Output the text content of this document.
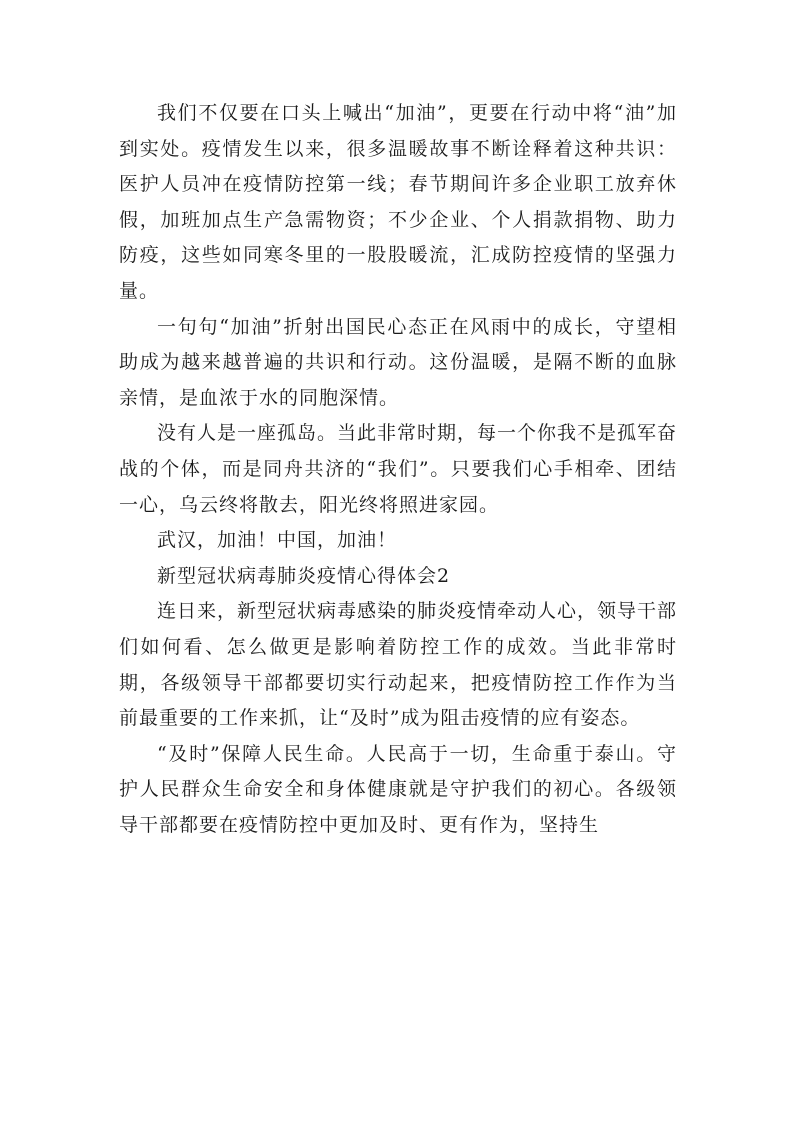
我们不仅要在口头上喊出“加油”，更要在行动中将“油”加到实处。疫情发生以来，很多温暖故事不断诠释着这种共识：医护人员冲在疫情防控第一线；春节期间许多企业职工放弃休假，加班加点生产急需物资；不少企业、个人捐款捐物、助力防疫，这些如同寒冬里的一股股暖流，汇成防控疫情的坚强力量。

一句句“加油”折射出国民心态正在风雨中的成长，守望相助成为越来越普遍的共识和行动。这份温暖，是隔不断的血脉亲情，是血浓于水的同胞深情。

没有人是一座孤岛。当此非常时期，每一个你我不是孤军奋战的个体，而是同舟共济的“我们”。只要我们心手相牵、团结一心，乌云终将散去，阳光终将照进家园。

武汉，加油！中国，加油！

新型冠状病毒肺炎疫情心得体会2

连日来，新型冠状病毒感染的肺炎疫情牵动人心，领导干部们如何看、怎么做更是影响着防控工作的成效。当此非常时期，各级领导干部都要切实行动起来，把疫情防控工作作为当前最重要的工作来抓，让“及时”成为阻击疫情的应有姿态。

“及时”保障人民生命。人民高于一切，生命重于泰山。守护人民群众生命安全和身体健康就是守护我们的初心。各级领导干部都要在疫情防控中更加及时、更有作为，坚持生
